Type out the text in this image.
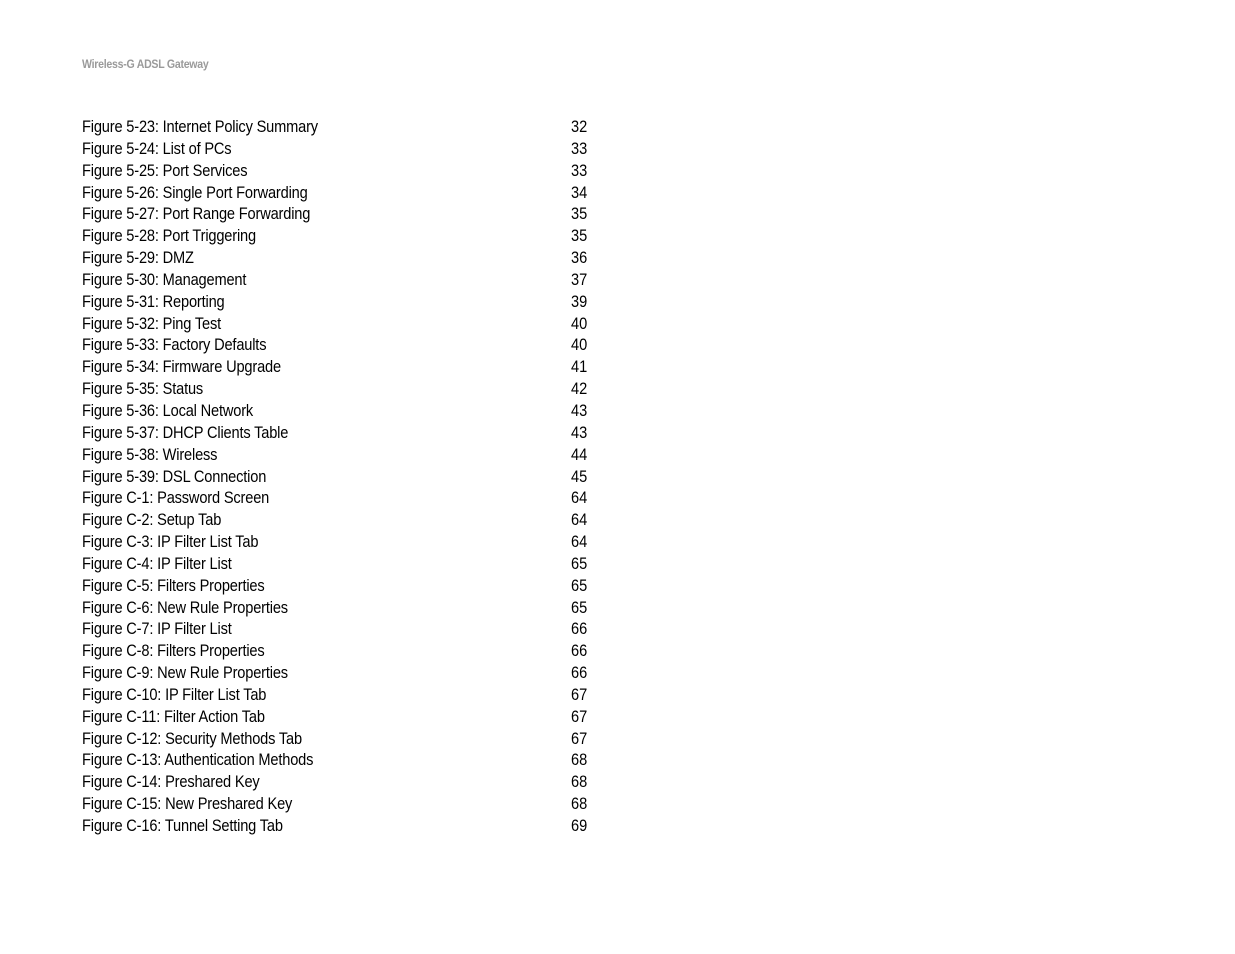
Wireless-G ADSL Gateway
Figure 5-23: Internet Policy Summary	32
Figure 5-24: List of PCs	33
Figure 5-25: Port Services	33
Figure 5-26: Single Port Forwarding	34
Figure 5-27: Port Range Forwarding	35
Figure 5-28: Port Triggering	35
Figure 5-29: DMZ	36
Figure 5-30: Management	37
Figure 5-31: Reporting	39
Figure 5-32: Ping Test	40
Figure 5-33: Factory Defaults	40
Figure 5-34: Firmware Upgrade	41
Figure 5-35: Status	42
Figure 5-36: Local Network	43
Figure 5-37: DHCP Clients Table	43
Figure 5-38: Wireless	44
Figure 5-39: DSL Connection	45
Figure C-1: Password Screen	64
Figure C-2: Setup Tab	64
Figure C-3: IP Filter List Tab	64
Figure C-4: IP Filter List	65
Figure C-5: Filters Properties	65
Figure C-6: New Rule Properties	65
Figure C-7: IP Filter List	66
Figure C-8: Filters Properties	66
Figure C-9: New Rule Properties	66
Figure C-10: IP Filter List Tab	67
Figure C-11: Filter Action Tab	67
Figure C-12: Security Methods Tab	67
Figure C-13: Authentication Methods	68
Figure C-14: Preshared Key	68
Figure C-15: New Preshared Key	68
Figure C-16: Tunnel Setting Tab	69
